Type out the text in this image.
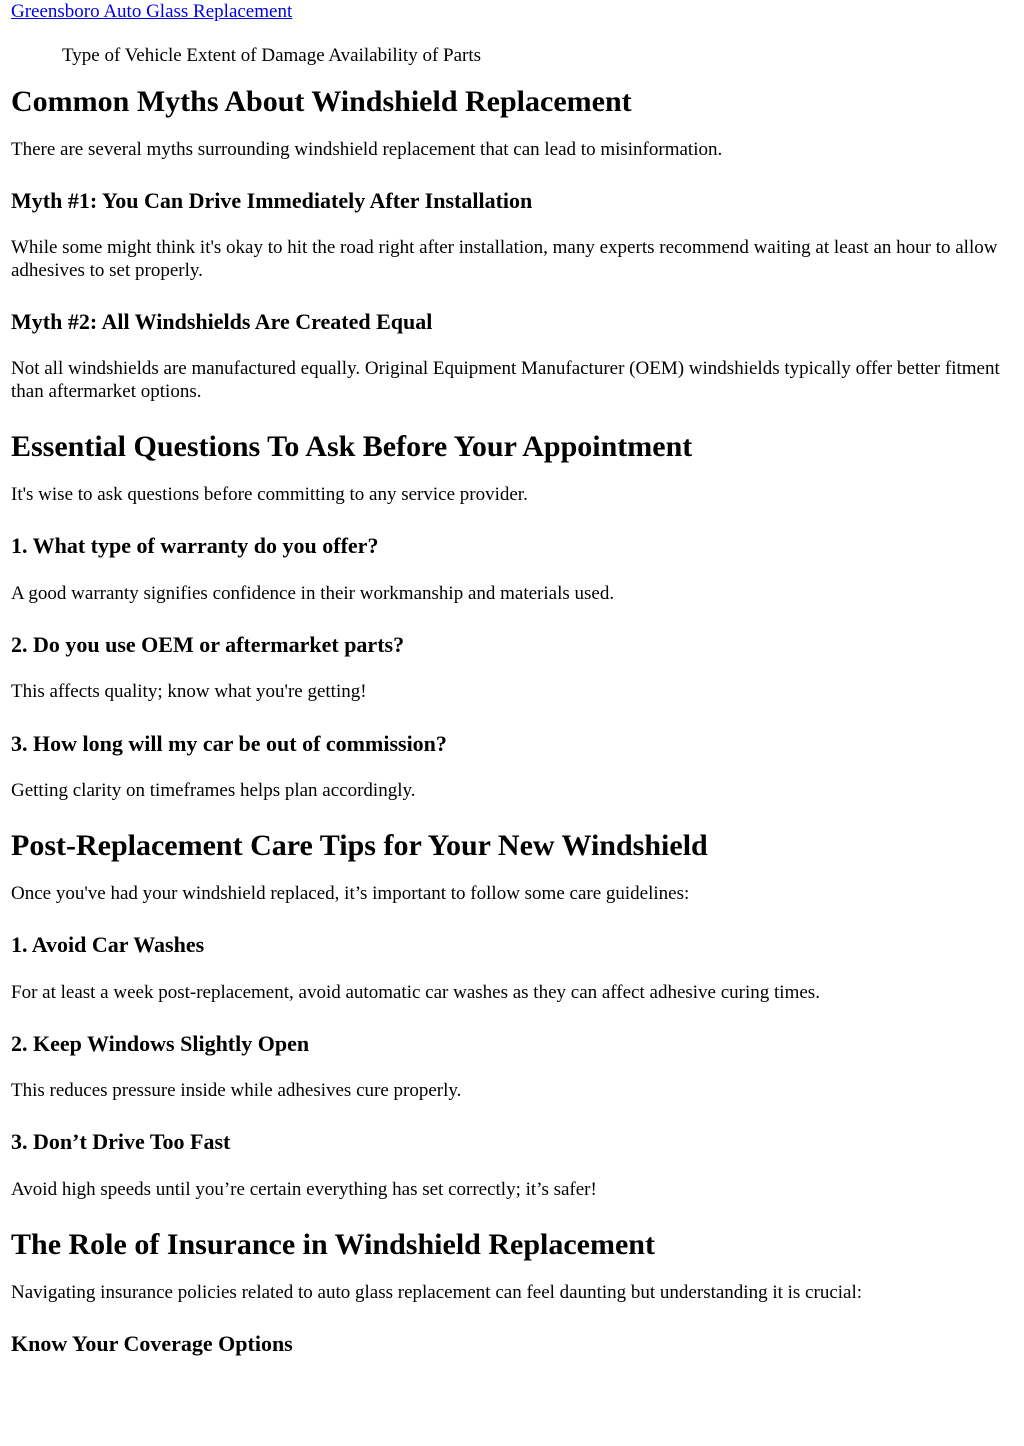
Greensboro Auto Glass Replacement
Type of Vehicle Extent of Damage Availability of Parts
Common Myths About Windshield Replacement

There are several myths surrounding windshield replacement that can lead to misinformation.

Myth #1: You Can Drive Immediately After Installation

While some might think it's okay to hit the road right after installation, many experts recommend waiting at least an hour to allow adhesives to set properly.

Myth #2: All Windshields Are Created Equal

Not all windshields are manufactured equally. Original Equipment Manufacturer (OEM) windshields typically offer better fitment than aftermarket options.

Essential Questions To Ask Before Your Appointment

It's wise to ask questions before committing to any service provider.

1. What type of warranty do you offer?

A good warranty signifies confidence in their workmanship and materials used.

2. Do you use OEM or aftermarket parts?

This affects quality; know what you're getting!

3. How long will my car be out of commission?

Getting clarity on timeframes helps plan accordingly.

Post-Replacement Care Tips for Your New Windshield

Once you've had your windshield replaced, it’s important to follow some care guidelines:

1. Avoid Car Washes

For at least a week post-replacement, avoid automatic car washes as they can affect adhesive curing times.

2. Keep Windows Slightly Open

This reduces pressure inside while adhesives cure properly.

3. Don’t Drive Too Fast

Avoid high speeds until you’re certain everything has set correctly; it’s safer!

The Role of Insurance in Windshield Replacement

Navigating insurance policies related to auto glass replacement can feel daunting but understanding it is crucial:

Know Your Coverage Options
